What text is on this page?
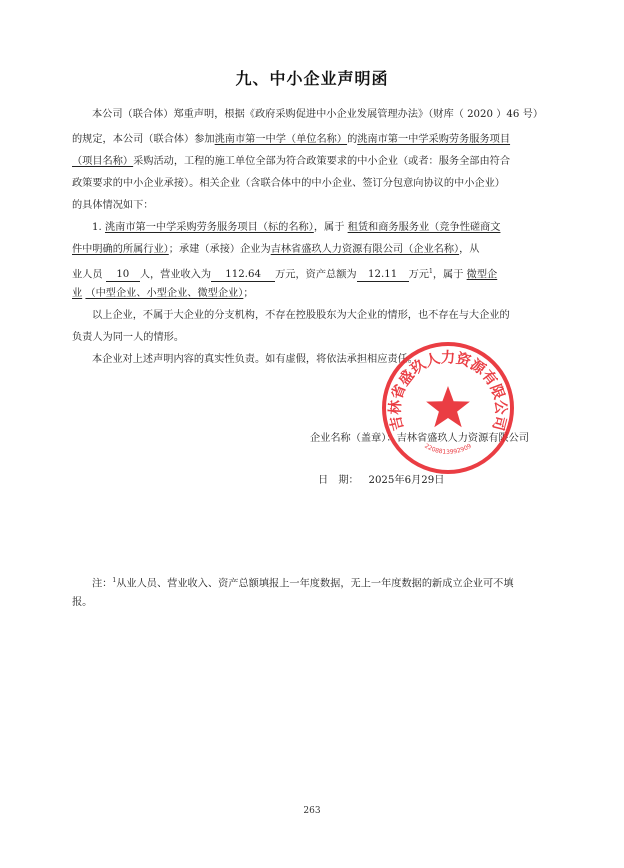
九、中小企业声明函
本公司（联合体）郑重声明，根据《政府采购促进中小企业发展管理办法》（财库（ 2020 ）46 号）
的规定，本公司（联合体）参加洮南市第一中学（单位名称）的洮南市第一中学采购劳务服务项目
（项目名称）采购活动，工程的施工单位全部为符合政策要求的中小企业（或者：服务全部由符合
政策要求的中小企业承接）。相关企业（含联合体中的中小企业、签订分包意向协议的中小企业）
的具体情况如下：
1. 洮南市第一中学采购劳务服务项目（标的名称），属于 租赁和商务服务业（竞争性磋商文
件中明确的所属行业）；承建（承接）企业为吉林省盛玖人力资源有限公司（企业名称），从
业人员 10 人，营业收入为 112.64 万元，资产总额为 12.11 万元$^1$，属于 微型企
业 （中型企业、小型企业、微型企业）；
以上企业，不属于大企业的分支机构，不存在控股股东为大企业的情形，也不存在与大企业的
负责人为同一人的情形。
本企业对上述声明内容的真实性负责。如有虚假，将依法承担相应责任。
企业名称（盖章）：吉林省盛玖人力资源有限公司
日　期： 2025年6月29日
吉林省盛玖人力资源有限公司
2208813992909
注：$^1$从业人员、营业收入、资产总额填报上一年度数据，无上一年度数据的新成立企业可不填
报。
263
